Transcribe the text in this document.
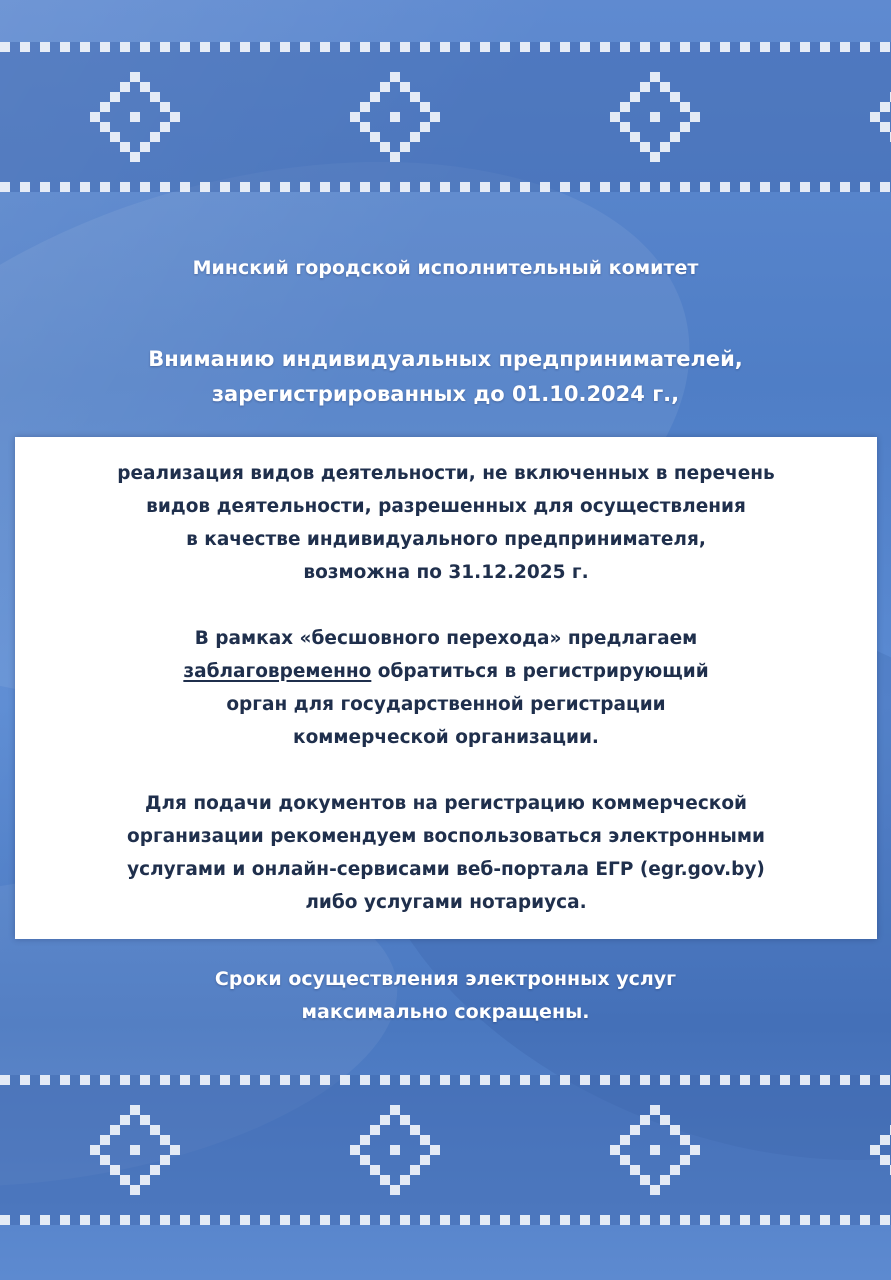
Минский городской исполнительный комитет
Вниманию индивидуальных предпринимателей,
зарегистрированных до 01.10.2024 г.,
реализация видов деятельности, не включенных в перечень
видов деятельности, разрешенных для осуществления
в качестве индивидуального предпринимателя,
возможна по 31.12.2025 г.
В рамках «бесшовного перехода» предлагаем
заблаговременно обратиться в регистрирующий
орган для государственной регистрации
коммерческой организации.
Для подачи документов на регистрацию коммерческой
организации рекомендуем воспользоваться электронными
услугами и онлайн-сервисами веб-портала ЕГР (egr.gov.by)
либо услугами нотариуса.
Сроки осуществления электронных услуг
максимально сокращены.
